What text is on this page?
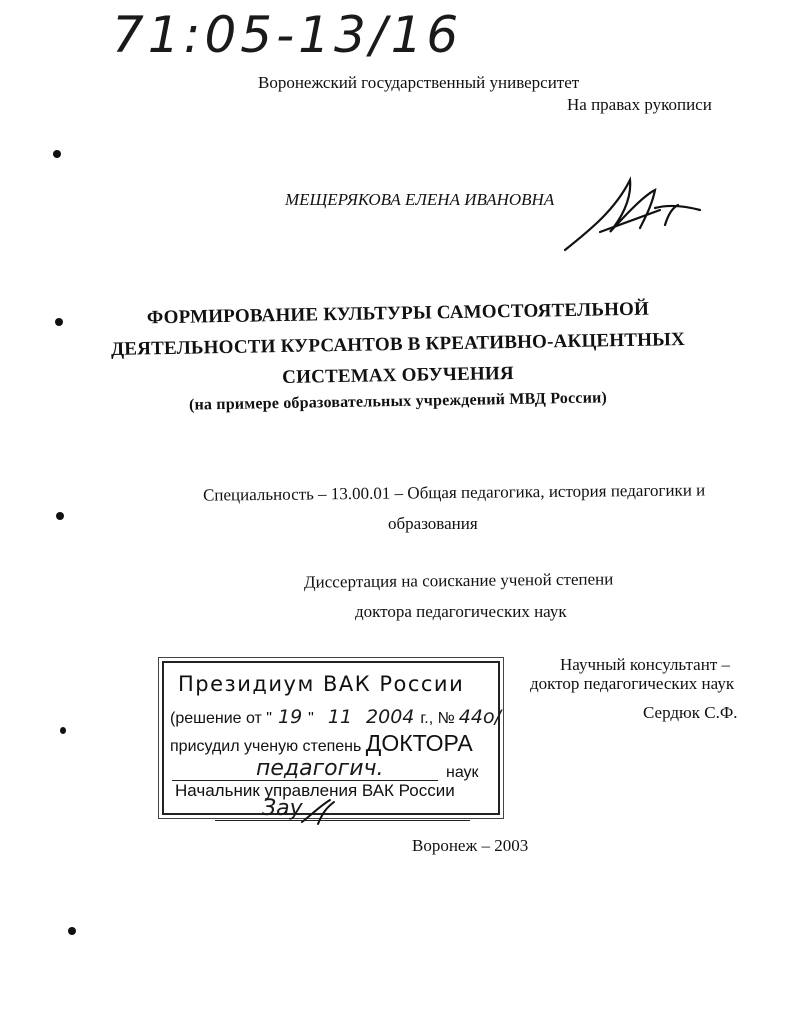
71:05-13/16
Воронежский государственный университет
На правах рукописи
МЕЩЕРЯКОВА ЕЛЕНА ИВАНОВНА
ФОРМИРОВАНИЕ КУЛЬТУРЫ САМОСТОЯТЕЛЬНОЙ
ДЕЯТЕЛЬНОСТИ КУРСАНТОВ В КРЕАТИВНО-АКЦЕНТНЫХ
СИСТЕМАХ ОБУЧЕНИЯ
(на примере образовательных учреждений МВД России)
Специальность – 13.00.01 – Общая педагогика, история педагогики и
образования
Диссертация на соискание ученой степени
доктора педагогических наук
Научный консультант –
доктор педагогических наук
Сердюк С.Ф.
Президиум ВАК России
(решение от " 19 " 11 2004 г., № 44о/
присудил ученую степень ДОКТОРА
педагогич.	наук
Начальник управления ВАК России
Зау
Воронеж – 2003
